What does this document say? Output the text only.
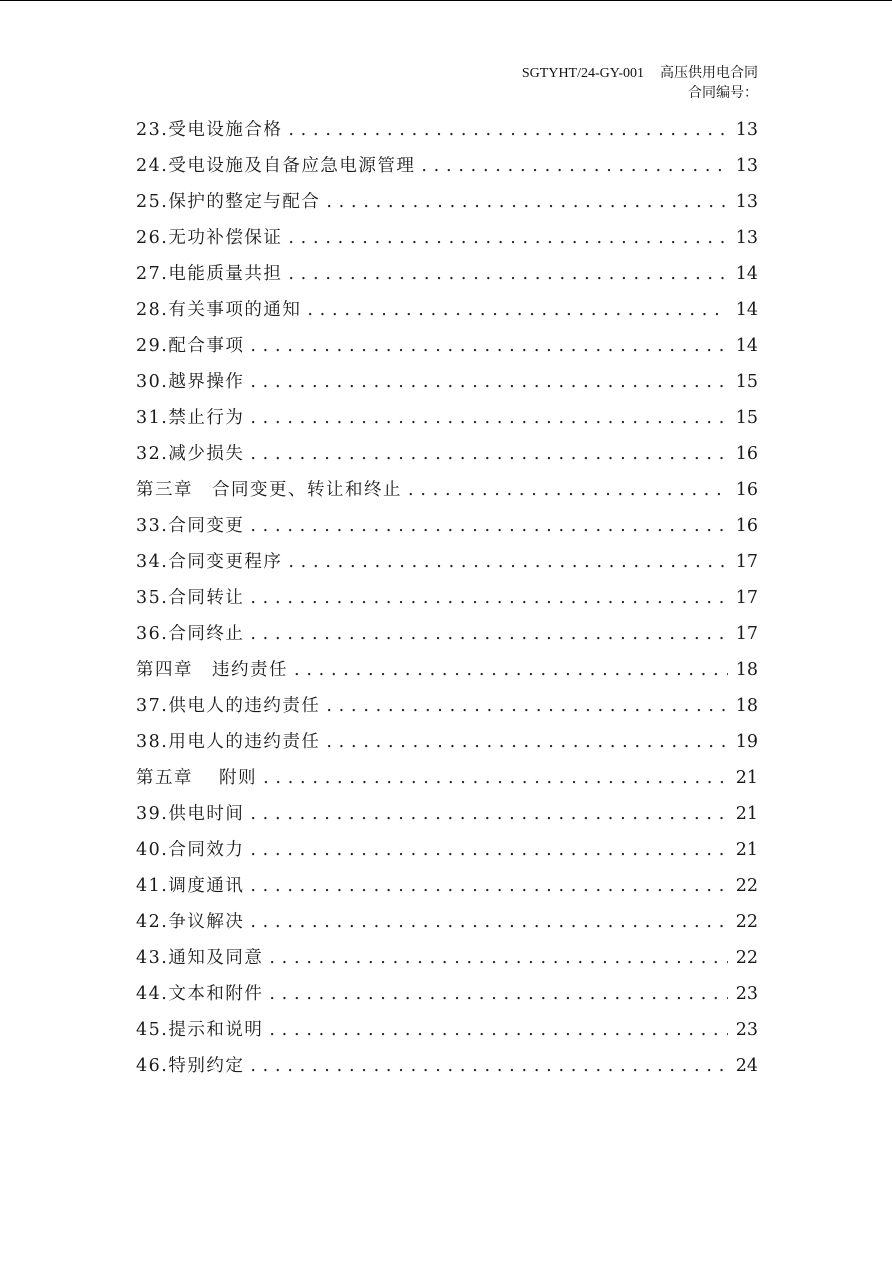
SGTYHT/24-GY-001 高压供用电合同
合同编号：
23.受电设施合格 . . .	13
24.受电设施及自备应急电源管理 . . .	13
25.保护的整定与配合 . . .	13
26.无功补偿保证 . . .	13
27.电能质量共担 . . .	14
28.有关事项的通知 . . .	14
29.配合事项 . . .	14
30.越界操作 . . .	15
31.禁止行为 . . .	15
32.减少损失 . . .	16
第三章　合同变更、转让和终止 . . .	16
33.合同变更 . . .	16
34.合同变更程序 . . .	17
35.合同转让 . . .	17
36.合同终止 . . .	17
第四章　违约责任 . . .	18
37.供电人的违约责任 . . .	18
38.用电人的违约责任 . . .	19
第五章　 附则 . . .	21
39.供电时间 . . .	21
40.合同效力 . . .	21
41.调度通讯 . . .	22
42.争议解决 . . .	22
43.通知及同意 . . .	22
44.文本和附件 . . .	23
45.提示和说明 . . .	23
46.特别约定 . . .	24
